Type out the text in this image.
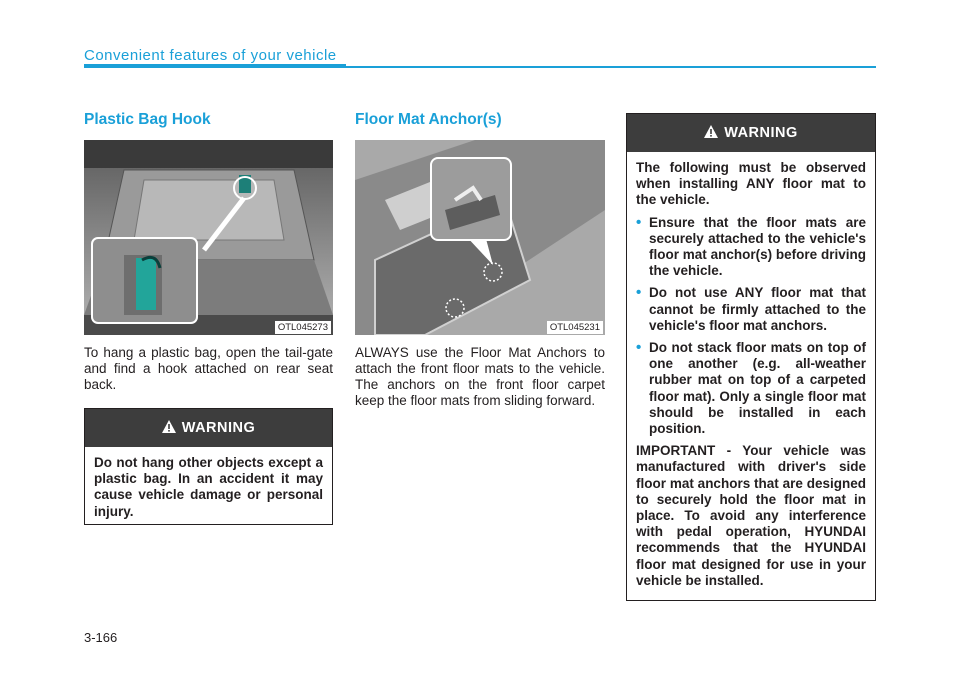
Convenient features of your vehicle
Plastic Bag Hook
OTL045273

To hang a plastic bag, open the tail-gate and find a hook attached on rear seat back.

WARNING

Do not hang other objects except a plastic bag. In an accident it may cause vehicle damage or personal injury.

Floor Mat Anchor(s)
OTL045231

ALWAYS use the Floor Mat Anchors to attach the front floor mats to the vehicle. The anchors on the front floor carpet keep the floor mats from sliding forward.

WARNING

The following must be observed when installing ANY floor mat to the vehicle.

• Ensure that the floor mats are securely attached to the vehicle's floor mat anchor(s) before driving the vehicle.
• Do not use ANY floor mat that cannot be firmly attached to the vehicle's floor mat anchors.
• Do not stack floor mats on top of one another (e.g. all-weather rubber mat on top of a carpeted floor mat). Only a single floor mat should be installed in each position.

IMPORTANT - Your vehicle was manufactured with driver's side floor mat anchors that are designed to securely hold the floor mat in place. To avoid any interference with pedal operation, HYUNDAI recommends that the HYUNDAI floor mat designed for use in your vehicle be installed.

3-166
